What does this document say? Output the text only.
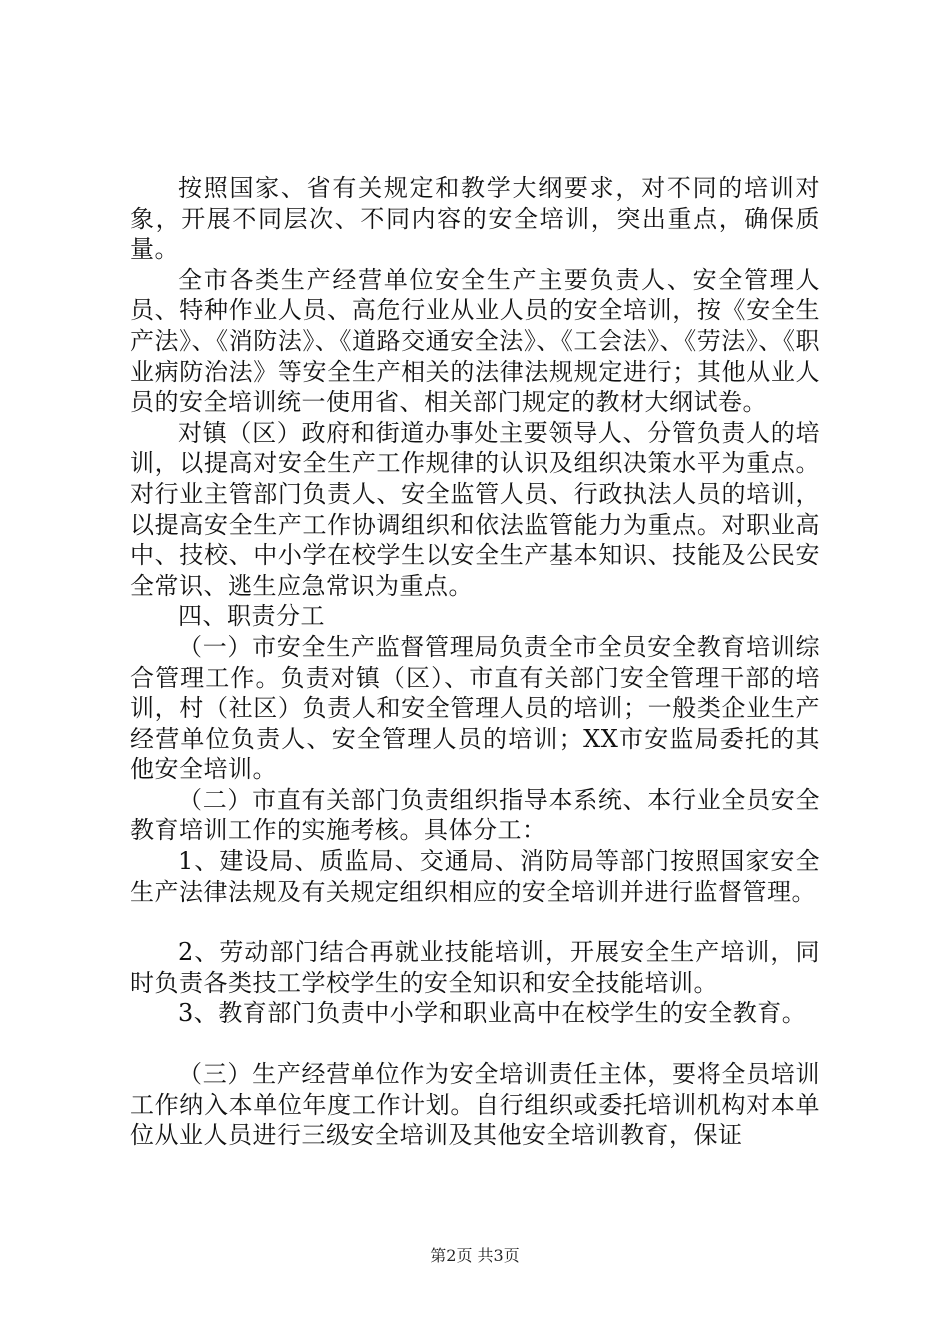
按照国家、省有关规定和教学大纲要求，对不同的培训对象，开展不同层次、不同内容的安全培训，突出重点，确保质量。

全市各类生产经营单位安全生产主要负责人、安全管理人员、特种作业人员、高危行业从业人员的安全培训，按《安全生产法》、《消防法》、《道路交通安全法》、《工会法》、《劳法》、《职业病防治法》等安全生产相关的法律法规规定进行；其他从业人员的安全培训统一使用省、相关部门规定的教材大纲试卷。

对镇（区）政府和街道办事处主要领导人、分管负责人的培训，以提高对安全生产工作规律的认识及组织决策水平为重点。对行业主管部门负责人、安全监管人员、行政执法人员的培训，以提高安全生产工作协调组织和依法监管能力为重点。对职业高中、技校、中小学在校学生以安全生产基本知识、技能及公民安全常识、逃生应急常识为重点。

四、职责分工

（一）市安全生产监督管理局负责全市全员安全教育培训综合管理工作。负责对镇（区）、市直有关部门安全管理干部的培训，村（社区）负责人和安全管理人员的培训；一般类企业生产经营单位负责人、安全管理人员的培训；XX市安监局委托的其他安全培训。

（二）市直有关部门负责组织指导本系统、本行业全员安全教育培训工作的实施考核。具体分工：

1、建设局、质监局、交通局、消防局等部门按照国家安全生产法律法规及有关规定组织相应的安全培训并进行监督管理。

2、劳动部门结合再就业技能培训，开展安全生产培训，同时负责各类技工学校学生的安全知识和安全技能培训。

3、教育部门负责中小学和职业高中在校学生的安全教育。

（三）生产经营单位作为安全培训责任主体，要将全员培训工作纳入本单位年度工作计划。自行组织或委托培训机构对本单位从业人员进行三级安全培训及其他安全培训教育，保证

第2页 共3页
